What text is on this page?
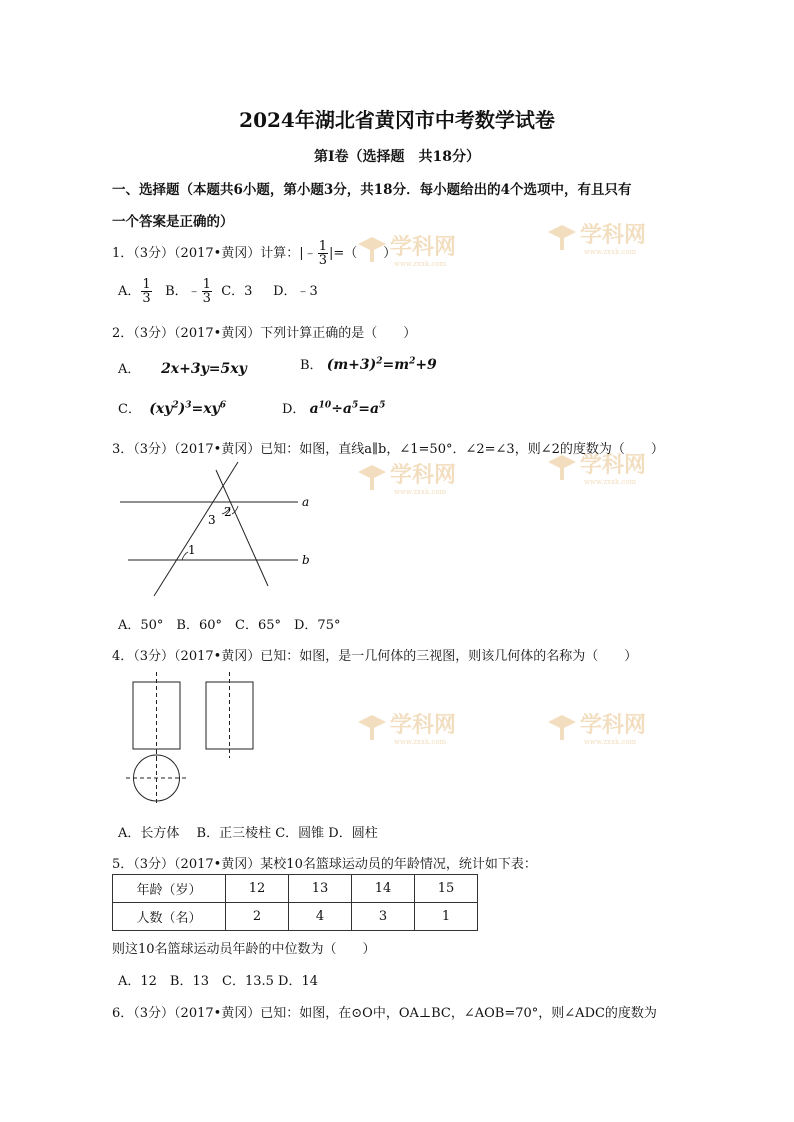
学科网
www.zxxk.com
学科网
www.zxxk.com
学科网
www.zxxk.com
学科网
www.zxxk.com
学科网
www.zxxk.com
学科网
www.zxxk.com
2024年湖北省黄冈市中考数学试卷
第Ⅰ卷（选择题　共18分）
一、选择题（本题共6小题，第小题3分，共18分．每小题给出的4个选项中，有且只有
一个答案是正确的）
1．（3分）（2017•黄冈）计算：|﹣ $\frac{1}{3}$ |=（　　）
A． $\frac{1}{3}$ B．﹣ $\frac{1}{3}$ C．3 D．﹣3
2．（3分）（2017•黄冈）下列计算正确的是（　　）
A． 2x+3y=5xy	B． $(m+3)^2=m^2+9$
C． $(xy^2)^3=xy^6$	D． $a^{10}\div a^5=a^5$
3．（3分）（2017•黄冈）已知：如图，直线a∥b，∠1=50°．∠2=∠3，则∠2的度数为（　　）
a
b
3
2
1
A．50°　B．60°　C．65°　D．75°
4．（3分）（2017•黄冈）已知：如图，是一几何体的三视图，则该几何体的名称为（　　）
A．长方体　 B．正三棱柱 C．圆锥 D．圆柱
5．（3分）（2017•黄冈）某校10名篮球运动员的年龄情况，统计如下表：
年龄（岁）	12	13	14	15
人数（名）	2	4	3	1
则这10名篮球运动员年龄的中位数为（　　）
A．12　B．13　C．13.5 D．14
6．（3分）（2017•黄冈）已知：如图，在⊙O中，OA⊥BC，∠AOB=70°，则∠ADC的度数为
